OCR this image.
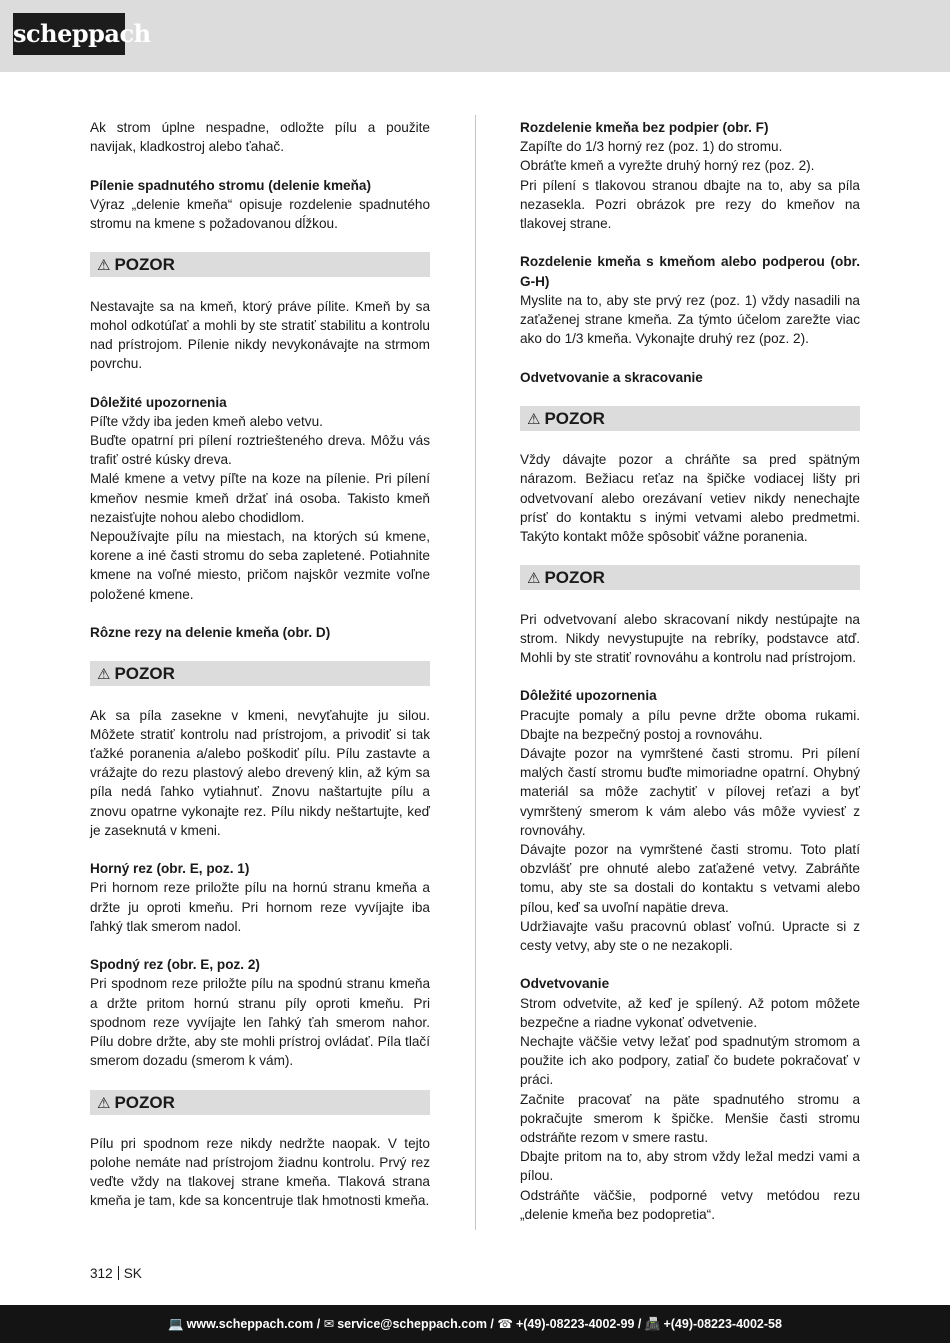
scheppach
Ak strom úplne nespadne, odložte pílu a použite navijak, kladkostroj alebo ťahač.
Pílenie spadnutého stromu (delenie kmeňa)
Výraz „delenie kmeňa“ opisuje rozdelenie spadnutého stromu na kmene s požadovanou dĺžkou.
⚠ POZOR
Nestavajte sa na kmeň, ktorý práve pílite. Kmeň by sa mohol odkotúľať a mohli by ste stratiť stabilitu a kontrolu nad prístrojom. Pílenie nikdy nevykonávajte na strmom povrchu.
Dôležité upozornenia
Píľte vždy iba jeden kmeň alebo vetvu.
Buďte opatrní pri pílení roztriešteného dreva. Môžu vás trafiť ostré kúsky dreva.
Malé kmene a vetvy píľte na koze na pílenie. Pri pílení kmeňov nesmie kmeň držať iná osoba. Takisto kmeň nezaisťujte nohou alebo chodidlom.
Nepoužívajte pílu na miestach, na ktorých sú kmene, korene a iné časti stromu do seba zapletené. Potiahnite kmene na voľné miesto, pričom najskôr vezmite voľne položené kmene.
Rôzne rezy na delenie kmeňa (obr. D)
⚠ POZOR
Ak sa píla zasekne v kmeni, nevyťahujte ju silou. Môžete stratiť kontrolu nad prístrojom, a privodiť si tak ťažké poranenia a/alebo poškodiť pílu. Pílu zastavte a vrážajte do rezu plastový alebo drevený klin, až kým sa píla nedá ľahko vytiahnuť. Znovu naštartujte pílu a znovu opatrne vykonajte rez. Pílu nikdy neštartujte, keď je zaseknutá v kmeni.
Horný rez (obr. E, poz. 1)
Pri hornom reze priložte pílu na hornú stranu kmeňa a držte ju oproti kmeňu. Pri hornom reze vyvíjajte iba ľahký tlak smerom nadol.
Spodný rez (obr. E, poz. 2)
Pri spodnom reze priložte pílu na spodnú stranu kmeňa a držte pritom hornú stranu píly oproti kmeňu. Pri spodnom reze vyvíjajte len ľahký ťah smerom nahor. Pílu dobre držte, aby ste mohli prístroj ovládať. Píla tlačí smerom dozadu (smerom k vám).
⚠ POZOR
Pílu pri spodnom reze nikdy nedržte naopak. V tejto polohe nemáte nad prístrojom žiadnu kontrolu. Prvý rez veďte vždy na tlakovej strane kmeňa. Tlaková strana kmeňa je tam, kde sa koncentruje tlak hmotnosti kmeňa.
Rozdelenie kmeňa bez podpier (obr. F)
Zapíľte do 1/3 horný rez (poz. 1) do stromu.
Obráťte kmeň a vyrežte druhý horný rez (poz. 2).
Pri pílení s tlakovou stranou dbajte na to, aby sa píla nezasekla. Pozri obrázok pre rezy do kmeňov na tlakovej strane.
Rozdelenie kmeňa s kmeňom alebo podperou (obr. G-H)
Myslite na to, aby ste prvý rez (poz. 1) vždy nasadili na zaťaženej strane kmeňa. Za týmto účelom zarežte viac ako do 1/3 kmeňa. Vykonajte druhý rez (poz. 2).
Odvetvovanie a skracovanie
⚠ POZOR
Vždy dávajte pozor a chráňte sa pred spätným nárazom. Bežiacu reťaz na špičke vodiacej lišty pri odvetvovaní alebo orezávaní vetiev nikdy nenechajte prísť do kontaktu s inými vetvami alebo predmetmi. Takýto kontakt môže spôsobiť vážne poranenia.
⚠ POZOR
Pri odvetvovaní alebo skracovaní nikdy nestúpajte na strom. Nikdy nevystupujte na rebríky, podstavce atď. Mohli by ste stratiť rovnováhu a kontrolu nad prístrojom.
Dôležité upozornenia
Pracujte pomaly a pílu pevne držte oboma rukami. Dbajte na bezpečný postoj a rovnováhu.
Dávajte pozor na vymrštené časti stromu. Pri pílení malých častí stromu buďte mimoriadne opatrní. Ohybný materiál sa môže zachytiť v pílovej reťazi a byť vymrštený smerom k vám alebo vás môže vyviesť z rovnováhy.
Dávajte pozor na vymrštené časti stromu. Toto platí obzvlášť pre ohnuté alebo zaťažené vetvy. Zabráňte tomu, aby ste sa dostali do kontaktu s vetvami alebo pílou, keď sa uvoľní napätie dreva.
Udržiavajte vašu pracovnú oblasť voľnú. Upracte si z cesty vetvy, aby ste o ne nezakopli.
Odvetvovanie
Strom odvetvite, až keď je spílený. Až potom môžete bezpečne a riadne vykonať odvetvenie.
Nechajte väčšie vetvy ležať pod spadnutým stromom a použite ich ako podpory, zatiaľ čo budete pokračovať v práci.
Začnite pracovať na päte spadnutého stromu a pokračujte smerom k špičke. Menšie časti stromu odstráňte rezom v smere rastu.
Dbajte pritom na to, aby strom vždy ležal medzi vami a pílou.
Odstráňte väčšie, podporné vetvy metódou rezu „delenie kmeňa bez podopretia“.
312 SK
💻 www.scheppach.com / ✉ service@scheppach.com / ☎ +(49)-08223-4002-99 / 📠 +(49)-08223-4002-58
